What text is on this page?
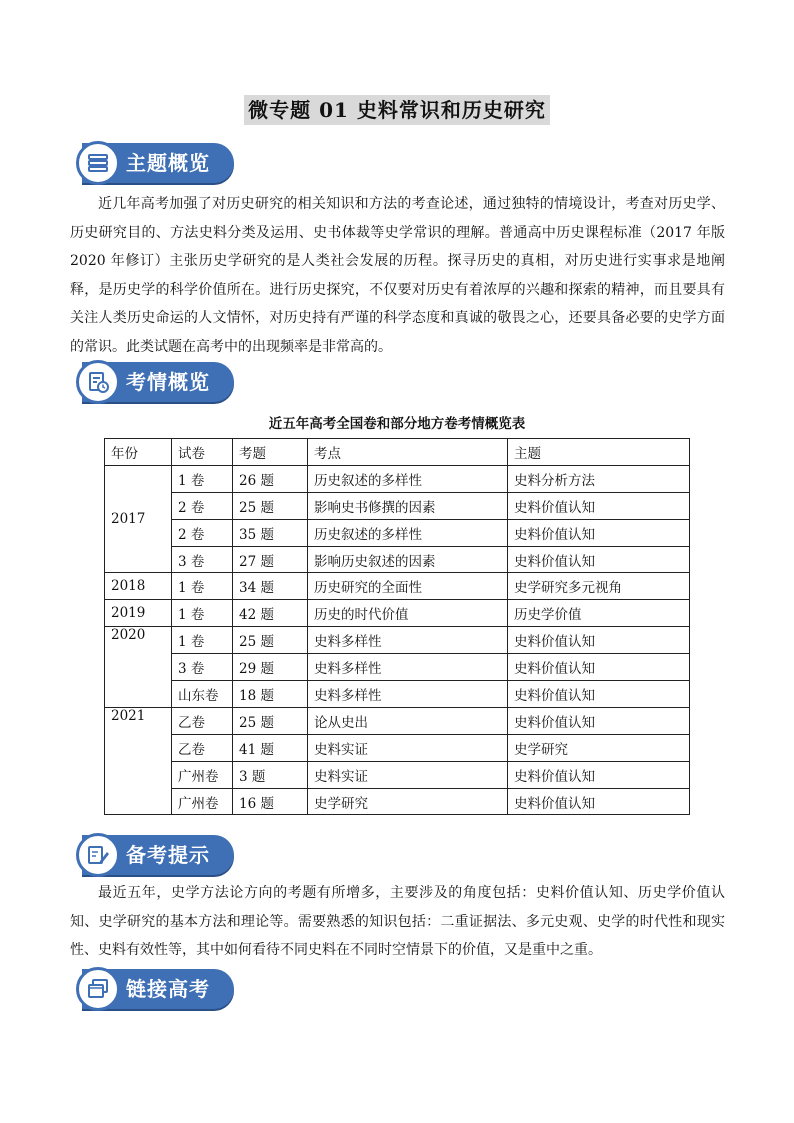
微专题 01 史料常识和历史研究
主题概览

近几年高考加强了对历史研究的相关知识和方法的考查论述，通过独特的情境设计，考查对历史学、历史研究目的、方法史料分类及运用、史书体裁等史学常识的理解。普通高中历史课程标准（2017 年版 2020 年修订）主张历史学研究的是人类社会发展的历程。探寻历史的真相，对历史进行实事求是地阐释，是历史学的科学价值所在。进行历史探究，不仅要对历史有着浓厚的兴趣和探索的精神，而且要具有关注人类历史命运的人文情怀，对历史持有严谨的科学态度和真诚的敬畏之心，还要具备必要的史学方面的常识。此类试题在高考中的出现频率是非常高的。

考情概览
近五年高考全国卷和部分地方卷考情概览表
年份	试卷	考题	考点	主题
2017	1 卷	26 题	历史叙述的多样性	史料分析方法
	2 卷	25 题	影响史书修撰的因素	史料价值认知
	2 卷	35 题	历史叙述的多样性	史料价值认知
	3 卷	27 题	影响历史叙述的因素	史料价值认知
2018	1 卷	34 题	历史研究的全面性	史学研究多元视角
2019	1 卷	42 题	历史的时代价值	历史学价值
2020	1 卷	25 题	史料多样性	史料价值认知
	3 卷	29 题	史料多样性	史料价值认知
	山东卷	18 题	史料多样性	史料价值认知
2021	乙卷	25 题	论从史出	史料价值认知
	乙卷	41 题	史料实证	史学研究
	广州卷	3 题	史料实证	史料价值认知
	广州卷	16 题	史学研究	史料价值认知
备考提示

最近五年，史学方法论方向的考题有所增多，主要涉及的角度包括：史料价值认知、历史学价值认知、史学研究的基本方法和理论等。需要熟悉的知识包括：二重证据法、多元史观、史学的时代性和现实性、史料有效性等，其中如何看待不同史料在不同时空情景下的价值，又是重中之重。

链接高考
